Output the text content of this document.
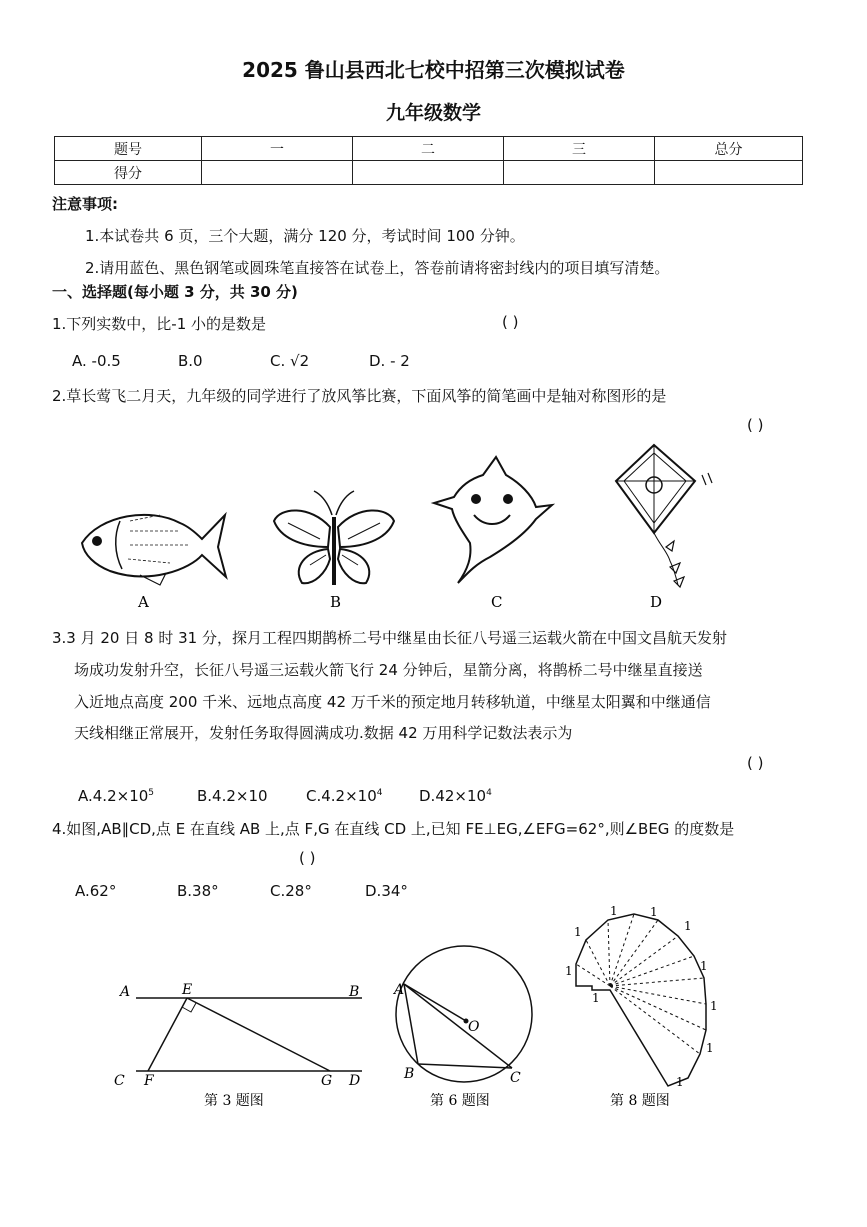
2025 鲁山县西北七校中招第三次模拟试卷
九年级数学
题号	一	二	三	总分
得分				
注意事项:
1.本试卷共 6 页，三个大题，满分 120 分，考试时间 100 分钟。
2.请用蓝色、黑色钢笔或圆珠笔直接答在试卷上，答卷前请将密封线内的项目填写清楚。
一、选择题(每小题 3 分，共 30 分)
1.下列实数中，比-1 小的是数是	( )
A. -0.5	B.0	C. √2	D. - 2
2.草长莺飞二月天，九年级的同学进行了放风筝比赛，下面风筝的简笔画中是轴对称图形的是
( )
A	B	C	D
3.3 月 20 日 8 时 31 分，探月工程四期鹊桥二号中继星由长征八号遥三运载火箭在中国文昌航天发射
场成功发射升空，长征八号遥三运载火箭飞行 24 分钟后，星箭分离，将鹊桥二号中继星直接送
入近地点高度 200 千米、远地点高度 42 万千米的预定地月转移轨道，中继星太阳翼和中继通信
天线相继正常展开，发射任务取得圆满成功.数据 42 万用科学记数法表示为
( )
$A.4.2\times 10^5$	B.4.2×10	$C.4.2\times 10^4$ $D.42\times 10^4$
4.如图,AB∥CD,点 E 在直线 AB 上,点 F,G 在直线 CD 上,已知 FE⊥EG,∠EFG=62°,则∠BEG 的度数是
( )
A.62°	B.38°	C.28°	D.34°
A	E	B
C F	G D
第 3 题图
A
O
B	C
第 6 题图
1
1
1	1
1
1
1
1
1
1
第 8 题图
